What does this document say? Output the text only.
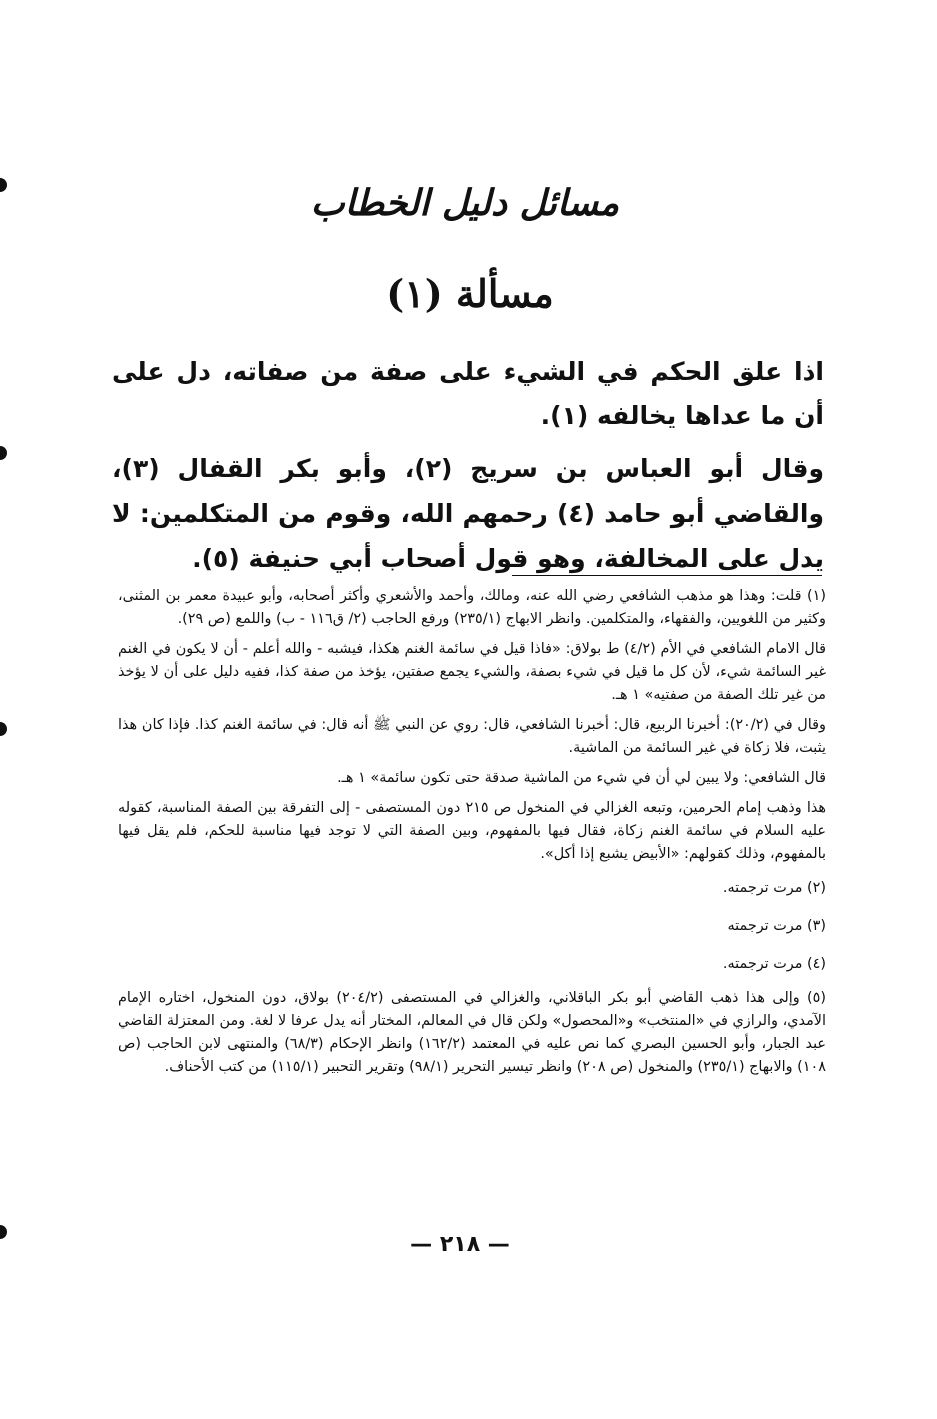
مسائل دليل الخطاب
مسألة (١)

اذا علق الحكم في الشيء على صفة من صفاته، دل على أن ما عداها يخالفه (١).

وقال أبو العباس بن سريج (٢)، وأبو بكر القفال (٣)، والقاضي أبو حامد (٤) رحمهم الله، وقوم من المتكلمين: لا يدل على المخالفة، وهو قول أصحاب أبي حنيفة (٥).

(١) قلت: وهذا هو مذهب الشافعي رضي الله عنه، ومالك، وأحمد والأشعري وأكثر أصحابه، وأبو عبيدة معمر بن المثنى، وكثير من اللغويين، والفقهاء، والمتكلمين. وانظر الابهاج (٢٣٥/١) ورفع الحاجب (٢/ ق١١٦ - ب) واللمع (ص ٢٩).

قال الامام الشافعي في الأم (٤/٢) ط بولاق: «فاذا قيل في سائمة الغنم هكذا، فيشبه - والله أعلم - أن لا يكون في الغنم غير السائمة شيء، لأن كل ما قيل في شيء بصفة، والشيء يجمع صفتين، يؤخذ من صفة كذا، ففيه دليل على أن لا يؤخذ من غير تلك الصفة من صفتيه» ١ هـ.

وقال في (٢٠/٢): أخبرنا الربيع، قال: أخبرنا الشافعي، قال: روي عن النبي ﷺ أنه قال: في سائمة الغنم كذا. فإذا كان هذا يثبت، فلا زكاة في غير السائمة من الماشية.

قال الشافعي: ولا يبين لي أن في شيء من الماشية صدقة حتى تكون سائمة» ١ هـ.

هذا وذهب إمام الحرمين، وتبعه الغزالي في المنخول ص ٢١٥ دون المستصفى - إلى التفرقة بين الصفة المناسبة، كقوله عليه السلام في سائمة الغنم زكاة، فقال فيها بالمفهوم، وبين الصفة التي لا توجد فيها مناسبة للحكم، فلم يقل فيها بالمفهوم، وذلك كقولهم: «الأبيض يشبع إذا أكل».

(٢) مرت ترجمته.

(٣) مرت ترجمته

(٤) مرت ترجمته.

(٥) وإلى هذا ذهب القاضي أبو بكر الباقلاني، والغزالي في المستصفى (٢٠٤/٢) بولاق، دون المنخول، اختاره الإمام الآمدي، والرازي في «المنتخب» و«المحصول» ولكن قال في المعالم، المختار أنه يدل عرفا لا لغة. ومن المعتزلة القاضي عبد الجبار، وأبو الحسين البصري كما نص عليه في المعتمد (١٦٢/٢) وانظر الإحكام (٦٨/٣) والمنتهى لابن الحاجب (ص ١٠٨) والابهاج (٢٣٥/١) والمنخول (ص ٢٠٨) وانظر تيسير التحرير (٩٨/١) وتقرير التحبير (١١٥/١) من كتب الأحناف.

— ٢١٨ —
